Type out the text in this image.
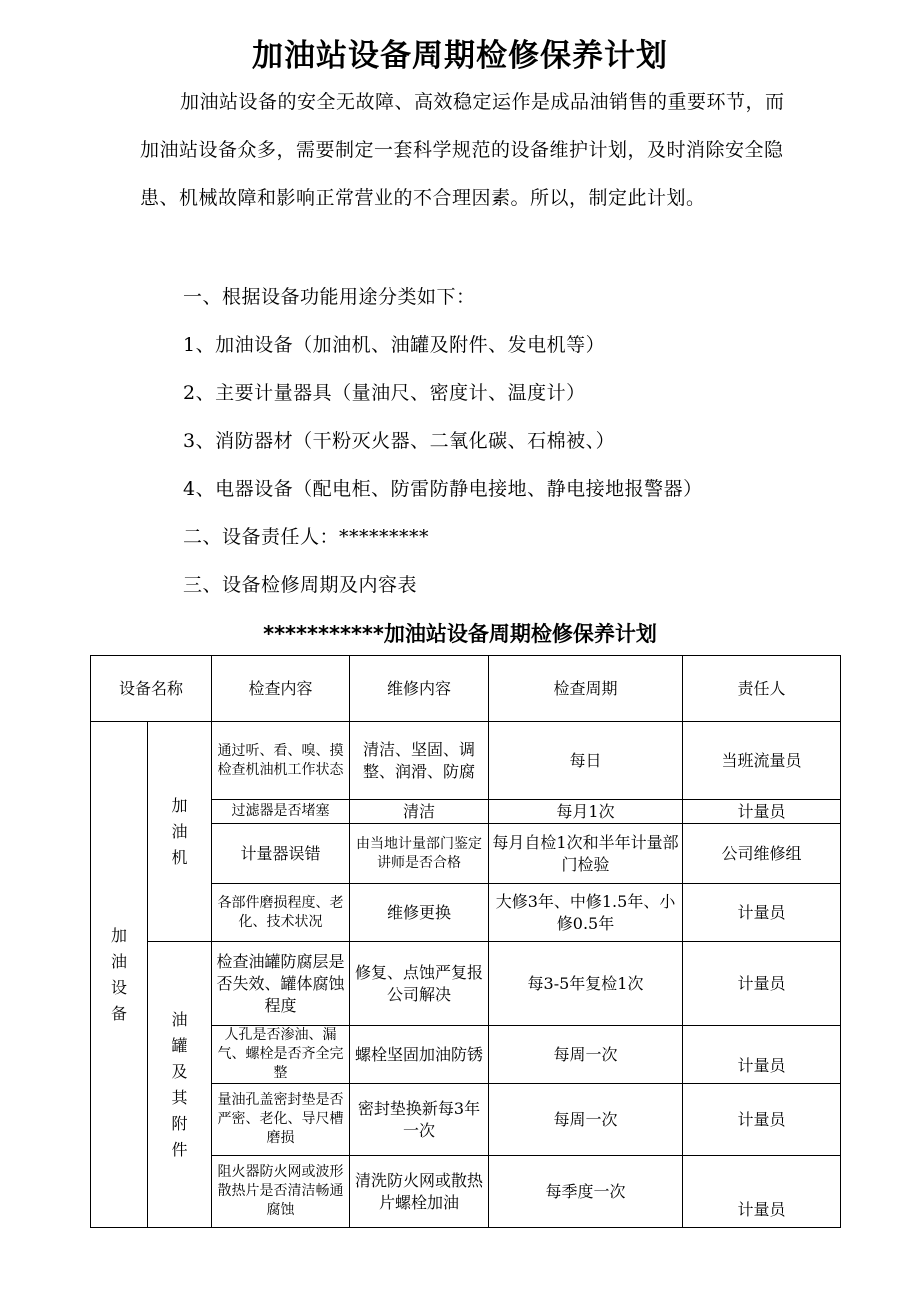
加油站设备周期检修保养计划

加油站设备的安全无故障、高效稳定运作是成品油销售的重要环节，而加油站设备众多，需要制定一套科学规范的设备维护计划，及时消除安全隐患、机械故障和影响正常营业的不合理因素。所以，制定此计划。

一、根据设备功能用途分类如下：

1、加油设备（加油机、油罐及附件、发电机等）

2、主要计量器具（量油尺、密度计、温度计）

3、消防器材（干粉灭火器、二氧化碳、石棉被、）

4、电器设备（配电柜、防雷防静电接地、静电接地报警器）

二、设备责任人：*********

三、设备检修周期及内容表

***********加油站设备周期检修保养计划
设备名称		检查内容	维修内容	检查周期	责任人
加油设备	加油机	通过听、看、嗅、摸检查机油机工作状态	清洁、坚固、调整、润滑、防腐	每日	当班流量员
		过滤器是否堵塞	清洁	每月1次	计量员
		计量器误错	由当地计量部门鉴定讲师是否合格	每月自检1次和半年计量部门检验	公司维修组
		各部件磨损程度、老化、技术状况	维修更换	大修3年、中修1.5年、小修0.5年	计量员
	油罐及其附件	检查油罐防腐层是否失效、罐体腐蚀程度	修复、点蚀严复报公司解决	每3-5年复检1次	计量员
		人孔是否渗油、漏气、螺栓是否齐全完整	螺栓坚固加油防锈	每周一次	计量员
		量油孔盖密封垫是否严密、老化、导尺槽磨损	密封垫换新每3年一次	每周一次	计量员
		阻火器防火网或波形散热片是否清洁畅通腐蚀	清洗防火网或散热片螺栓加油	每季度一次	计量员
